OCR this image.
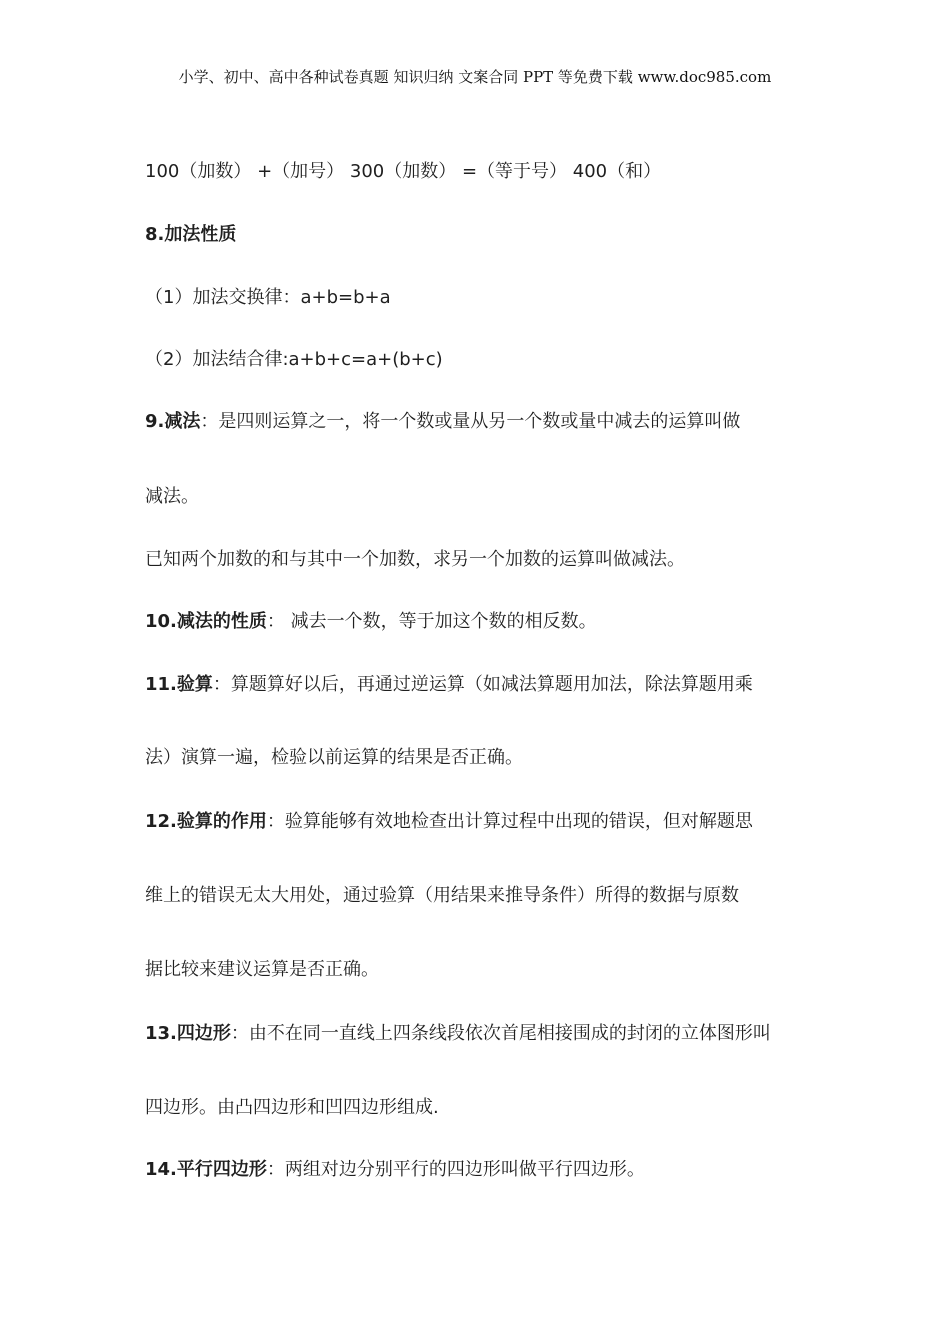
小学、初中、高中各种试卷真题 知识归纳 文案合同 PPT 等免费下载 www.doc985.com
100（加数） +（加号） 300（加数） =（等于号） 400（和）
8.加法性质
（1）加法交换律：a+b=b+a
（2）加法结合律:a+b+c=a+(b+c)
9.减法：是四则运算之一，将一个数或量从另一个数或量中减去的运算叫做
减法。
已知两个加数的和与其中一个加数，求另一个加数的运算叫做减法。
10.减法的性质： 减去一个数，等于加这个数的相反数。
11.验算：算题算好以后，再通过逆运算（如减法算题用加法，除法算题用乘
法）演算一遍，检验以前运算的结果是否正确。
12.验算的作用：验算能够有效地检查出计算过程中出现的错误，但对解题思
维上的错误无太大用处，通过验算（用结果来推导条件）所得的数据与原数
据比较来建议运算是否正确。
13.四边形：由不在同一直线上四条线段依次首尾相接围成的封闭的立体图形叫
四边形。由凸四边形和凹四边形组成.
14.平行四边形：两组对边分别平行的四边形叫做平行四边形。
